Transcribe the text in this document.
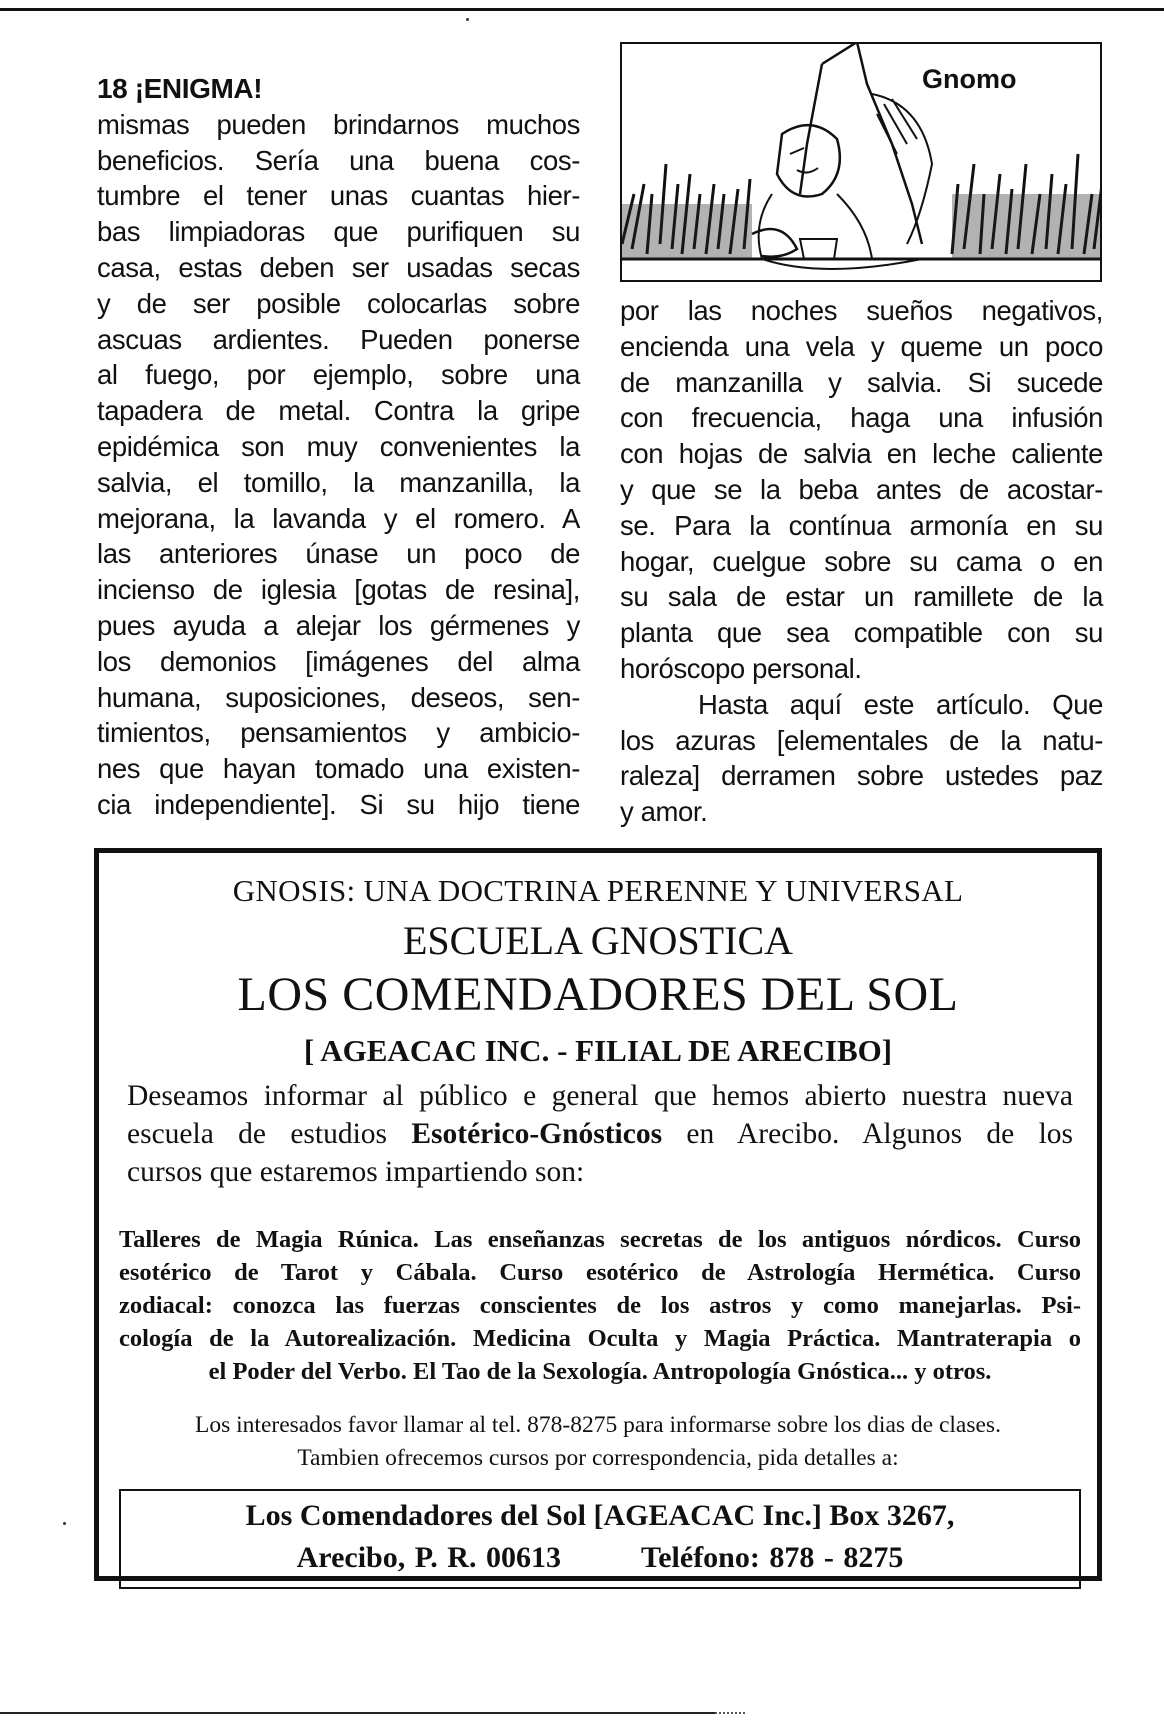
18 ¡ENIGMA!
mismas pueden brindarnos muchos
beneficios. Sería una buena cos-
tumbre el tener unas cuantas hier-
bas limpiadoras que purifiquen su
casa, estas deben ser usadas secas
y de ser posible colocarlas sobre
ascuas ardientes. Pueden ponerse
al fuego, por ejemplo, sobre una
tapadera de metal. Contra la gripe
epidémica son muy convenientes la
salvia, el tomillo, la manzanilla, la
mejorana, la lavanda y el romero. A
las anteriores únase un poco de
incienso de iglesia [gotas de resina],
pues ayuda a alejar los gérmenes y
los demonios [imágenes del alma
humana, suposiciones, deseos, sen-
timientos, pensamientos y ambicio-
nes que hayan tomado una existen-
cia independiente]. Si su hijo tiene
Gnomo
por las noches sueños negativos,
encienda una vela y queme un poco
de manzanilla y salvia. Si sucede
con frecuencia, haga una infusión
con hojas de salvia en leche caliente
y que se la beba antes de acostar-
se. Para la contínua armonía en su
hogar, cuelgue sobre su cama o en
su sala de estar un ramillete de la
planta que sea compatible con su
horóscopo personal.
Hasta aquí este artículo. Que
los azuras [elementales de la natu-
raleza] derramen sobre ustedes paz
y amor.
GNOSIS: UNA DOCTRINA PERENNE Y UNIVERSAL
ESCUELA GNOSTICA
LOS COMENDADORES DEL SOL
[ AGEACAC INC. - FILIAL DE ARECIBO]
Deseamos informar al público e general que hemos abierto nuestra nueva
escuela de estudios Esotérico-Gnósticos en Arecibo. Algunos de los
cursos que estaremos impartiendo son:
Talleres de Magia Rúnica. Las enseñanzas secretas de los antiguos nórdicos. Curso
esotérico de Tarot y Cábala. Curso esotérico de Astrología Hermética. Curso
zodiacal: conozca las fuerzas conscientes de los astros y como manejarlas. Psi-
cología de la Autorealización. Medicina Oculta y Magia Práctica. Mantraterapia o
el Poder del Verbo. El Tao de la Sexología. Antropología Gnóstica... y otros.
Los interesados favor llamar al tel. 878-8275 para informarse sobre los dias de clases.
Tambien ofrecemos cursos por correspondencia, pida detalles a:
Los Comendadores del Sol [AGEACAC Inc.] Box 3267,
Arecibo, P. R. 00613	Teléfono: 878 - 8275
